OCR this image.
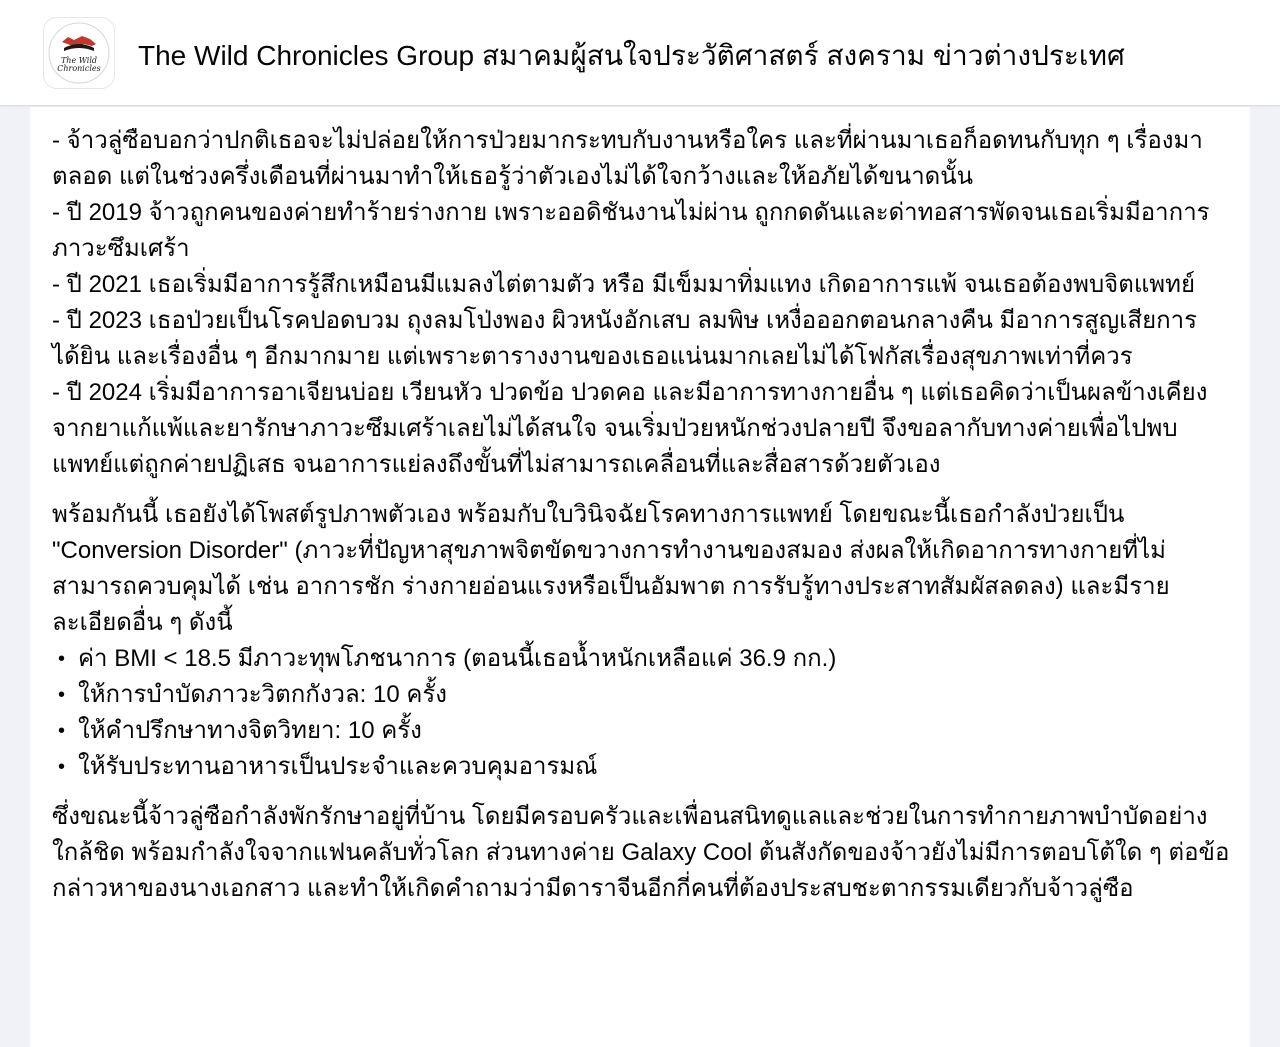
The Wild
Chronicles The Wild Chronicles Group สมาคมผู้สนใจประวัติศาสตร์ สงคราม ข่าวต่างประเทศ

- จ้าวลู่ซือบอกว่าปกติเธอจะไม่ปล่อยให้การป่วยมากระทบกับงานหรือใคร และที่ผ่านมาเธอก็อดทนกับทุก ๆ เรื่องมาตลอด แต่ในช่วงครึ่งเดือนที่ผ่านมาทำให้เธอรู้ว่าตัวเองไม่ได้ใจกว้างและให้อภัยได้ขนาดนั้น

- ปี 2019 จ้าวถูกคนของค่ายทำร้ายร่างกาย เพราะออดิชันงานไม่ผ่าน ถูกกดดันและด่าทอสารพัดจนเธอเริ่มมีอาการภาวะซึมเศร้า

- ปี 2021 เธอเริ่มมีอาการรู้สึกเหมือนมีแมลงไต่ตามตัว หรือ มีเข็มมาทิ่มแทง เกิดอาการแพ้ จนเธอต้องพบจิตแพทย์

- ปี 2023 เธอป่วยเป็นโรคปอดบวม ถุงลมโป่งพอง ผิวหนังอักเสบ ลมพิษ เหงื่อออกตอนกลางคืน มีอาการสูญเสียการได้ยิน และเรื่องอื่น ๆ อีกมากมาย แต่เพราะตารางงานของเธอแน่นมากเลยไม่ได้โฟกัสเรื่องสุขภาพเท่าที่ควร

- ปี 2024 เริ่มมีอาการอาเจียนบ่อย เวียนหัว ปวดข้อ ปวดคอ และมีอาการทางกายอื่น ๆ แต่เธอคิดว่าเป็นผลข้างเคียงจากยาแก้แพ้และยารักษาภาวะซึมเศร้าเลยไม่ได้สนใจ จนเริ่มป่วยหนักช่วงปลายปี จึงขอลากับทางค่ายเพื่อไปพบแพทย์แต่ถูกค่ายปฏิเสธ จนอาการแย่ลงถึงขั้นที่ไม่สามารถเคลื่อนที่และสื่อสารด้วยตัวเอง

พร้อมกันนี้ เธอยังได้โพสต์รูปภาพตัวเอง พร้อมกับใบวินิจฉัยโรคทางการแพทย์ โดยขณะนี้เธอกำลังป่วยเป็น "Conversion Disorder" (ภาวะที่ปัญหาสุขภาพจิตขัดขวางการทำงานของสมอง ส่งผลให้เกิดอาการทางกายที่ไม่สามารถควบคุมได้ เช่น อาการชัก ร่างกายอ่อนแรงหรือเป็นอัมพาต การรับรู้ทางประสาทสัมผัสลดลง) และมีรายละเอียดอื่น ๆ ดังนี้

• ค่า BMI < 18.5 มีภาวะทุพโภชนาการ (ตอนนี้เธอน้ำหนักเหลือแค่ 36.9 กก.)
• ให้การบำบัดภาวะวิตกกังวล: 10 ครั้ง
• ให้คำปรึกษาทางจิตวิทยา: 10 ครั้ง
• ให้รับประทานอาหารเป็นประจำและควบคุมอารมณ์

ซึ่งขณะนี้จ้าวลู่ซือกำลังพักรักษาอยู่ที่บ้าน โดยมีครอบครัวและเพื่อนสนิทดูแลและช่วยในการทำกายภาพบำบัดอย่างใกล้ชิด พร้อมกำลังใจจากแฟนคลับทั่วโลก ส่วนทางค่าย Galaxy Cool ต้นสังกัดของจ้าวยังไม่มีการตอบโต้ใด ๆ ต่อข้อกล่าวหาของนางเอกสาว และทำให้เกิดคำถามว่ามีดาราจีนอีกกี่คนที่ต้องประสบชะตากรรมเดียวกับจ้าวลู่ซือ
